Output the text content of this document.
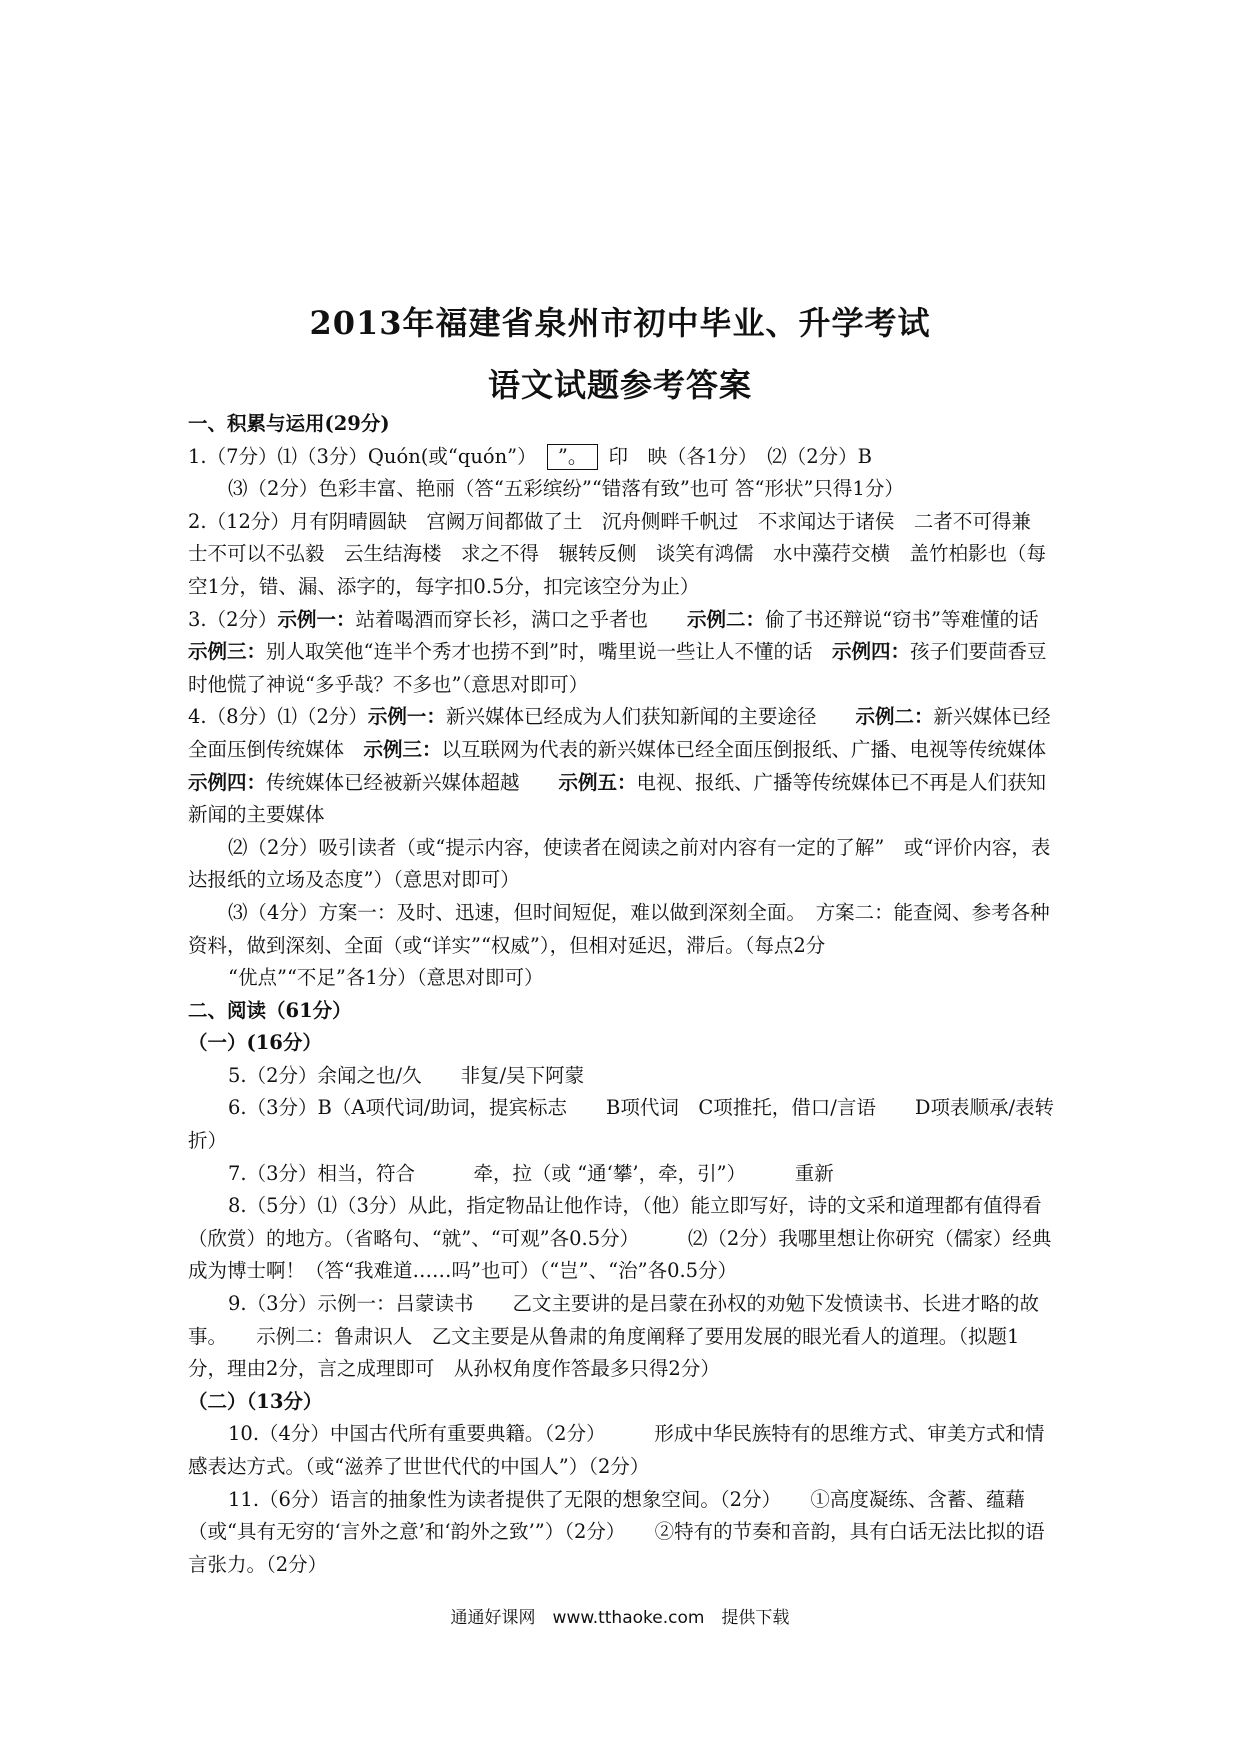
2013年福建省泉州市初中毕业、升学考试
语文试题参考答案

一、积累与运用(29分)

1.（7分）⑴（3分）Quón(或“quón”） ”。 印　映（各1分）　⑵（2分）B

⑶（2分）色彩丰富、艳丽（答“五彩缤纷”“错落有致”也可 答“形状”只得1分）

2.（12分）月有阴晴圆缺　宫阙万间都做了土　沉舟侧畔千帆过　不求闻达于诸侯　二者不可得兼　士不可以不弘毅　云生结海楼　求之不得　辗转反侧　谈笑有鸿儒　水中藻荇交横　盖竹柏影也（每空1分，错、漏、添字的，每字扣0.5分，扣完该空分为止）

3.（2分）示例一：站着喝酒而穿长衫，满口之乎者也　　示例二：偷了书还辩说“窃书”等难懂的话　示例三：别人取笑他“连半个秀才也捞不到”时，嘴里说一些让人不懂的话　示例四：孩子们要茴香豆时他慌了神说“多乎哉？不多也”（意思对即可）

4.（8分）⑴（2分）示例一：新兴媒体已经成为人们获知新闻的主要途径　　示例二：新兴媒体已经全面压倒传统媒体　示例三：以互联网为代表的新兴媒体已经全面压倒报纸、广播、电视等传统媒体　示例四：传统媒体已经被新兴媒体超越　　示例五：电视、报纸、广播等传统媒体已不再是人们获知新闻的主要媒体

⑵（2分）吸引读者（或“提示内容，使读者在阅读之前对内容有一定的了解”　或“评价内容，表达报纸的立场及态度”）（意思对即可）

⑶（4分）方案一：及时、迅速，但时间短促，难以做到深刻全面。　方案二：能查阅、参考各种资料，做到深刻、全面（或“详实”“权威”），但相对延迟，滞后。（每点2分

“优点”“不足”各1分）（意思对即可）

二、阅读（61分）

（一）(16分）

5.（2分）余闻之也/久　　非复/吴下阿蒙

6.（3分）B（A项代词/助词，提宾标志　　B项代词　C项推托，借口/言语　　D项表顺承/表转折）

7.（3分）相当，符合　　　牵，拉（或 “通‘攀’，牵，引”）　　　重新

8.（5分）⑴（3分）从此，指定物品让他作诗，（他）能立即写好，诗的文采和道理都有值得看（欣赏）的地方。（省略句、“就”、“可观”各0.5分）　　　⑵（2分）我哪里想让你研究（儒家）经典成为博士啊！（答“我难道……吗”也可）（“岂”、“治”各0.5分）

9.（3分）示例一：吕蒙读书　　乙文主要讲的是吕蒙在孙权的劝勉下发愤读书、长进才略的故事。　　示例二：鲁肃识人　乙文主要是从鲁肃的角度阐释了要用发展的眼光看人的道理。（拟题1分，理由2分，言之成理即可　从孙权角度作答最多只得2分）

（二）（13分）

10.（4分）中国古代所有重要典籍。（2分）　　　形成中华民族特有的思维方式、审美方式和情感表达方式。（或“滋养了世世代代的中国人”）（2分）

11.（6分）语言的抽象性为读者提供了无限的想象空间。（2分）　　①高度凝练、含蓄、蕴藉（或“具有无穷的‘言外之意’和‘韵外之致’”）（2分）　　②特有的节奏和音韵，具有白话无法比拟的语言张力。（2分）

通通好课网　www.tthaoke.com　提供下载
